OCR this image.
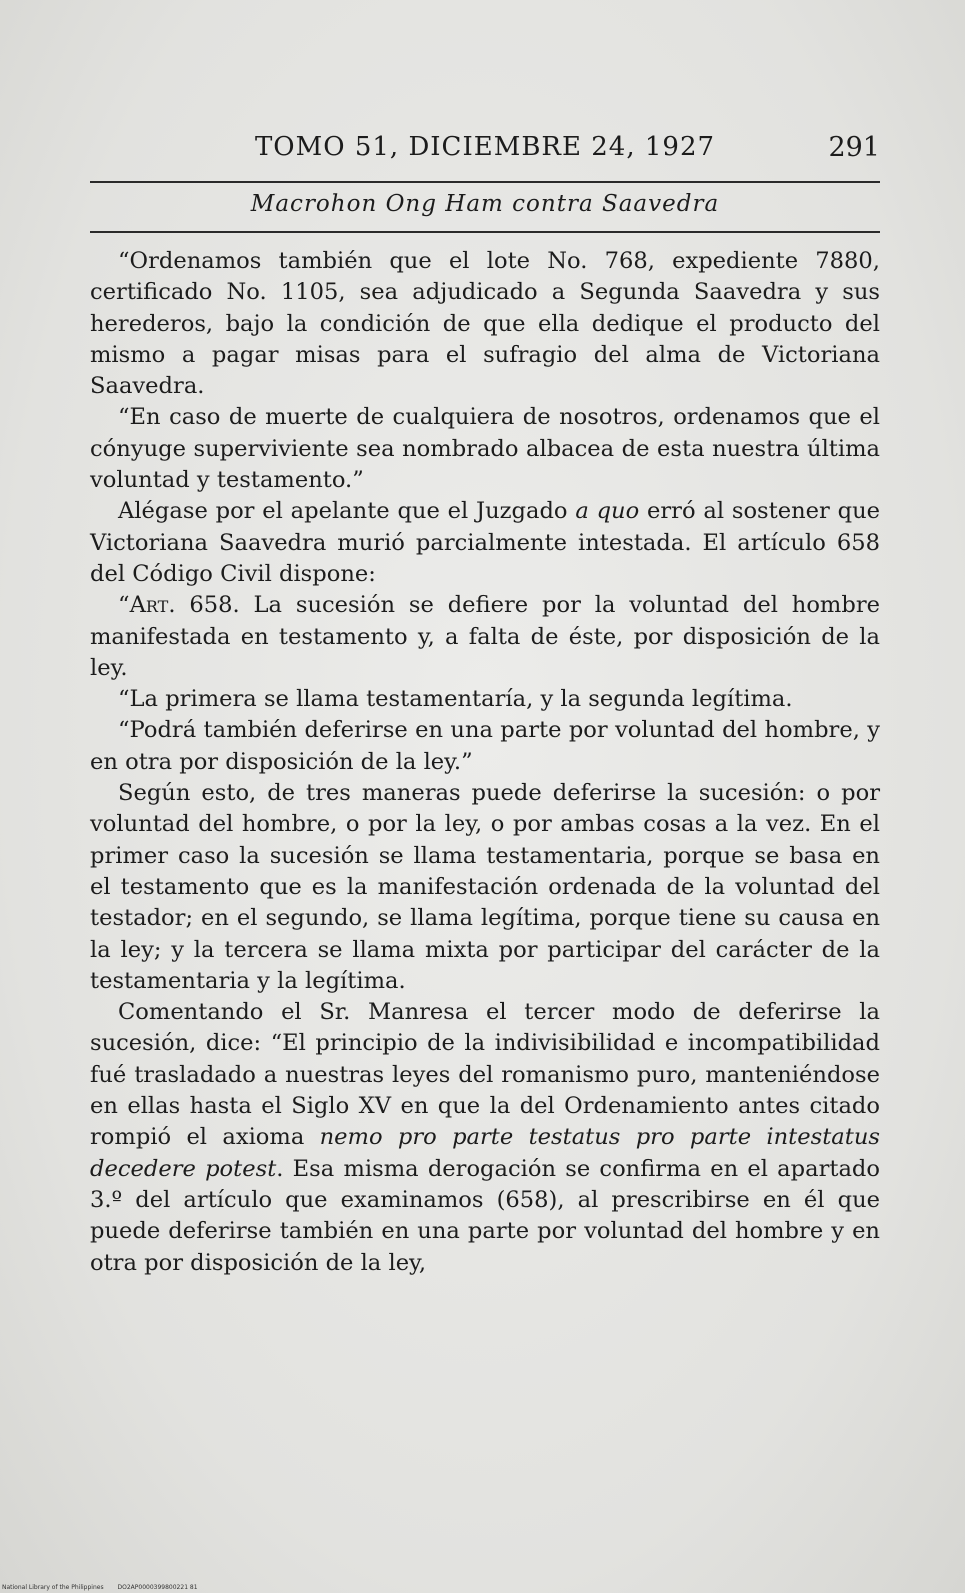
TOMO 51, DICIEMBRE 24, 1927	291
Macrohon Ong Ham contra Saavedra

“Ordenamos también que el lote No. 768, expediente 7880, certificado No. 1105, sea adjudicado a Segunda Saavedra y sus herederos, bajo la condición de que ella dedique el producto del mismo a pagar misas para el sufragio del alma de Victoriana Saavedra.

“En caso de muerte de cualquiera de nosotros, ordenamos que el cónyuge superviviente sea nombrado albacea de esta nuestra última voluntad y testamento.”

Alégase por el apelante que el Juzgado a quo erró al sostener que Victoriana Saavedra murió parcialmente intestada. El artículo 658 del Código Civil dispone:

“Art. 658. La sucesión se defiere por la voluntad del hombre manifestada en testamento y, a falta de éste, por disposición de la ley.

“La primera se llama testamentaría, y la segunda legítima.

“Podrá también deferirse en una parte por voluntad del hombre, y en otra por disposición de la ley.”

Según esto, de tres maneras puede deferirse la sucesión: o por voluntad del hombre, o por la ley, o por ambas cosas a la vez. En el primer caso la sucesión se llama testamentaria, porque se basa en el testamento que es la manifestación ordenada de la voluntad del testador; en el segundo, se llama legítima, porque tiene su causa en la ley; y la tercera se llama mixta por participar del carácter de la testamentaria y la legítima.

Comentando el Sr. Manresa el tercer modo de deferirse la sucesión, dice: “El principio de la indivisibilidad e incompatibilidad fué trasladado a nuestras leyes del romanismo puro, manteniéndose en ellas hasta el Siglo XV en que la del Ordenamiento antes citado rompió el axioma nemo pro parte testatus pro parte intestatus decedere potest. Esa misma derogación se confirma en el apartado 3.º del artículo que examinamos (658), al prescribirse en él que puede deferirse también en una parte por voluntad del hombre y en otra por disposición de la ley,

National Library of the Philippines DO2AP0000399800221 81
